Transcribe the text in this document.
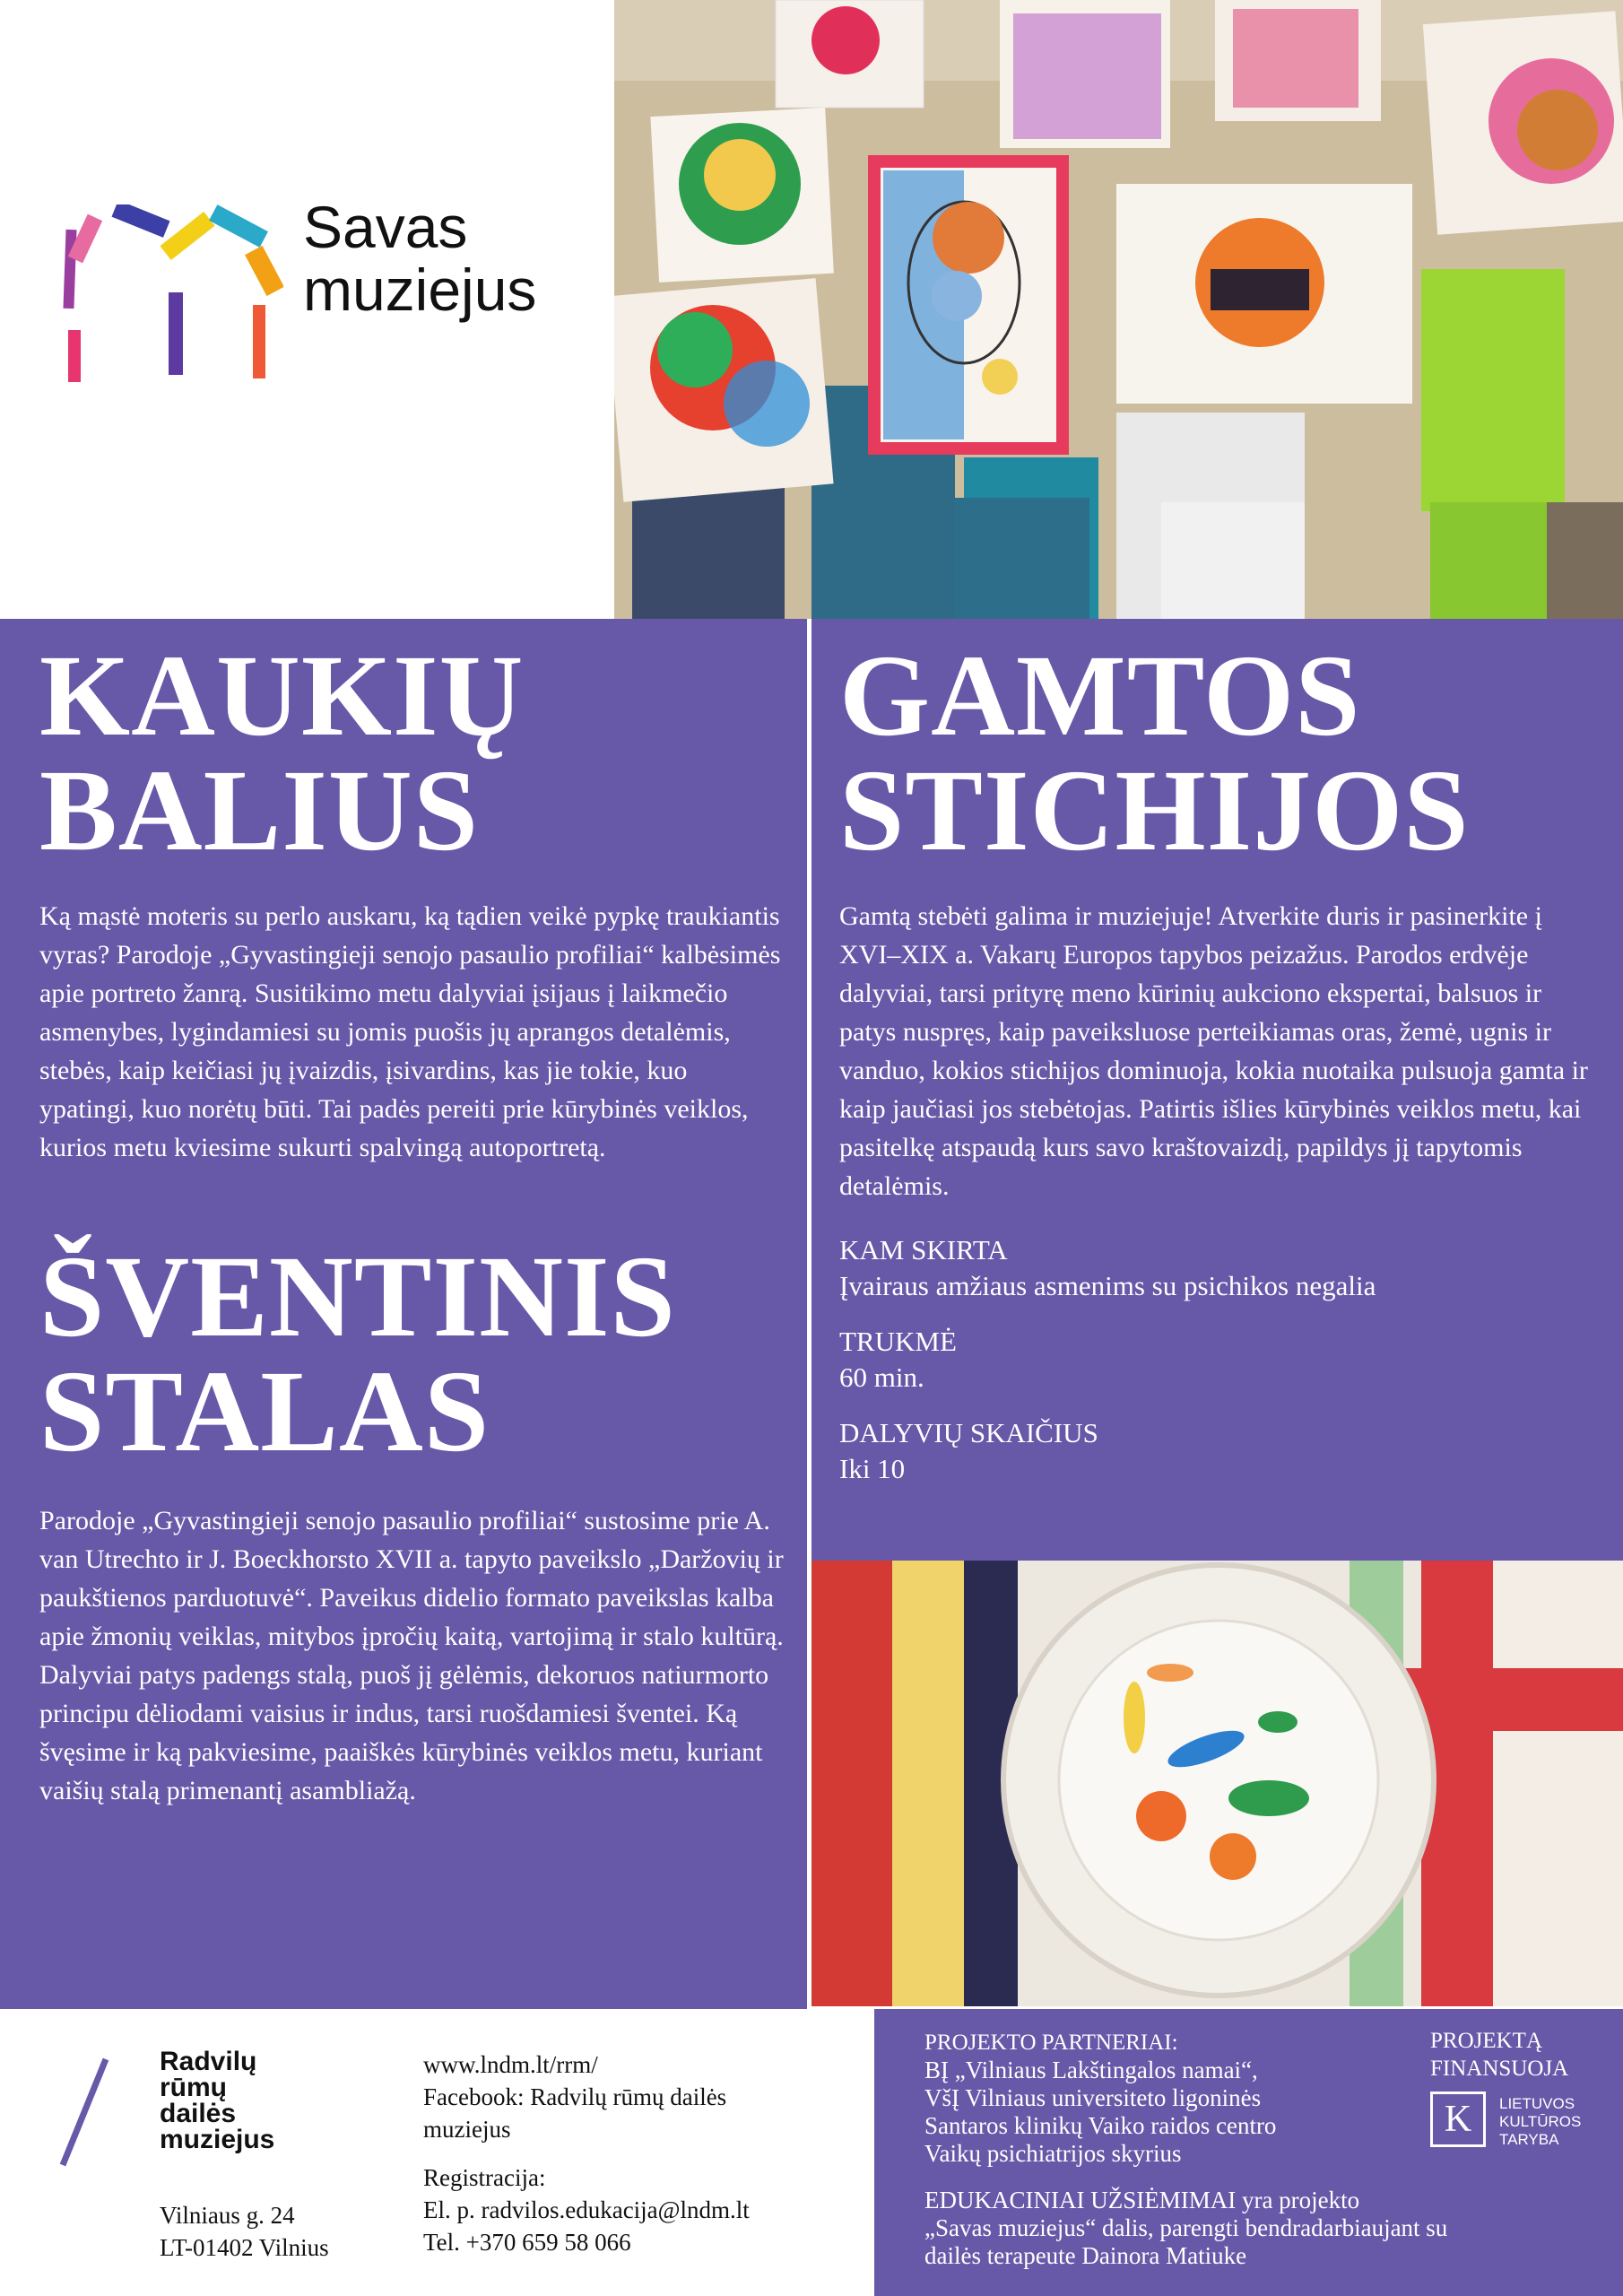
Savas
muziejus
KAUKIŲ
BALIUS
Ką mąstė moteris su perlo auskaru, ką tądien veikė pypkę traukiantis vyras? Parodoje „Gyvastingieji senojo pasaulio profiliai“ kalbėsimės apie portreto žanrą. Susitikimo metu dalyviai įsijaus į laikmečio asmenybes, lygindamiesi su jomis puošis jų aprangos detalėmis, stebės, kaip keičiasi jų įvaizdis, įsivardins, kas jie tokie, kuo ypatingi, kuo norėtų būti. Tai padės pereiti prie kūrybinės veiklos, kurios metu kviesime sukurti spalvingą autoportretą.
ŠVENTINIS
STALAS
Parodoje „Gyvastingieji senojo pasaulio profiliai“ sustosime prie A. van Utrechto ir J. Boeckhorsto XVII a. tapyto paveikslo „Daržovių ir paukštienos parduotuvė“. Paveikus didelio formato paveikslas kalba apie žmonių veiklas, mitybos įpročių kaitą, vartojimą ir stalo kultūrą. Dalyviai patys padengs stalą, puoš jį gėlėmis, dekoruos natiurmorto principu dėliodami vaisius ir indus, tarsi ruošdamiesi šventei. Ką švęsime ir ką pakviesime, paaiškės kūrybinės veiklos metu, kuriant vaišių stalą primenantį asambliažą.
GAMTOS
STICHIJOS
Gamtą stebėti galima ir muziejuje! Atverkite duris ir pasinerkite į XVI–XIX a. Vakarų Europos tapybos peizažus. Parodos erdvėje dalyviai, tarsi prityrę meno kūrinių aukciono ekspertai, balsuos ir patys nuspręs, kaip paveiksluose perteikiamas oras, žemė, ugnis ir vanduo, kokios stichijos dominuoja, kokia nuotaika pulsuoja gamta ir kaip jaučiasi jos stebėtojas. Patirtis išlies kūrybinės veiklos metu, kai pasitelkę atspaudą kurs savo kraštovaizdį, papildys jį tapytomis detalėmis.
KAM SKIRTA
Įvairaus amžiaus asmenims su psichikos negalia
TRUKMĖ
60 min.
DALYVIŲ SKAIČIUS
Iki 10
Radvilų
rūmų
dailės
muziejus
Vilniaus g. 24
LT-01402 Vilnius
www.lndm.lt/rrm/
Facebook: Radvilų rūmų dailės
muziejus
Registracija:
El. p. radvilos.edukacija@lndm.lt
Tel. +370 659 58 066
PROJEKTO PARTNERIAI:
BĮ „Vilniaus Lakštingalos namai“,
VšĮ Vilniaus universiteto ligoninės
Santaros klinikų Vaiko raidos centro
Vaikų psichiatrijos skyrius
PROJEKTĄ
FINANSUOJA
K	LIETUVOS
KULTŪROS
TARYBA
EDUKACINIAI UŽSIĖMIMAI yra projekto
„Savas muziejus“ dalis, parengti bendradarbiaujant su
dailės terapeute Dainora Matiuke
